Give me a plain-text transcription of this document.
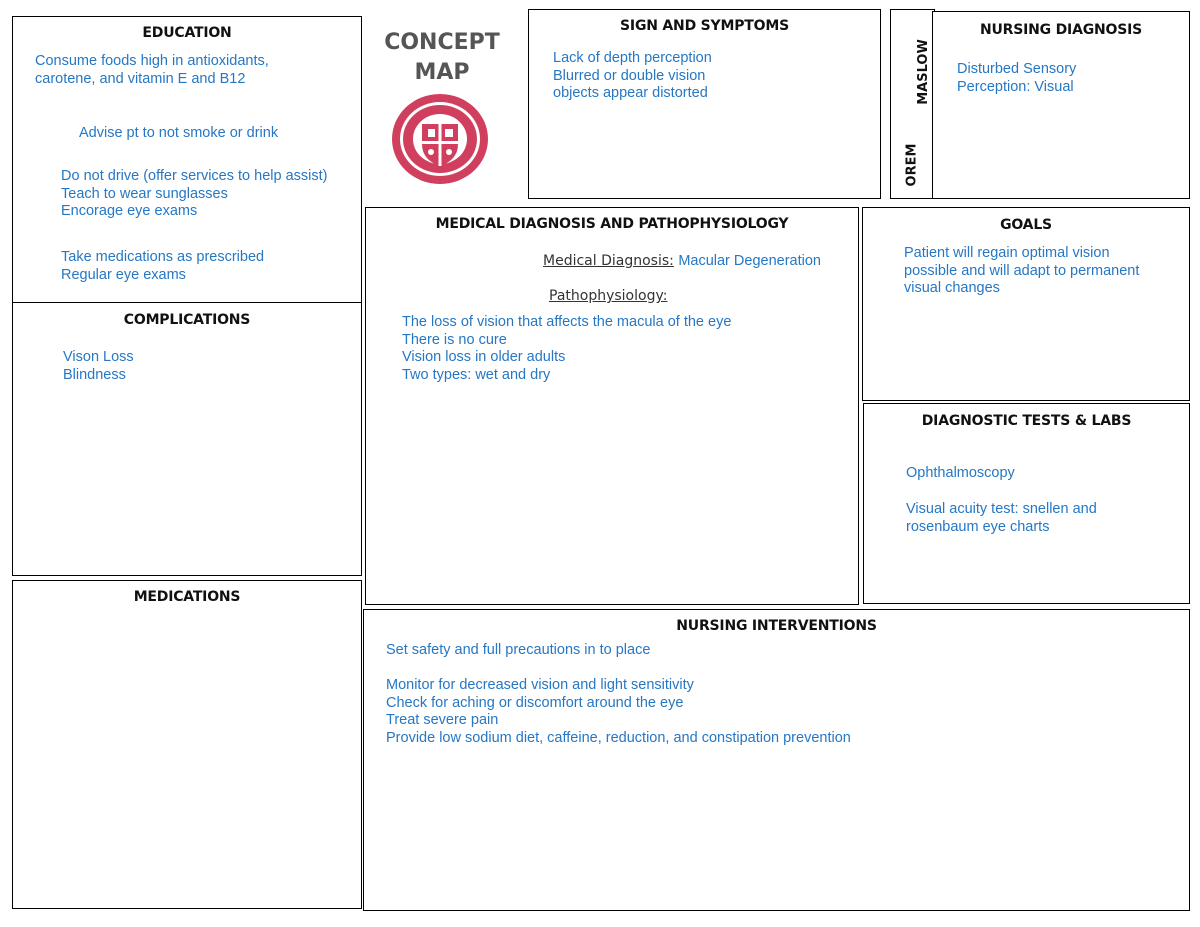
EDUCATION
Consume foods high in antioxidants,
carotene, and vitamin E and B12
Advise pt to not smoke or drink
Do not drive (offer services to help assist)
Teach to wear sunglasses
Encorage eye exams
Take medications as prescribed
Regular eye exams
COMPLICATIONS
Vison Loss
Blindness
MEDICATIONS
CONCEPT
MAP
SIGN AND SYMPTOMS
Lack of depth perception
Blurred or double vision
objects appear distorted	MASLOW
OREM
NURSING DIAGNOSIS
Disturbed Sensory
Perception: Visual
MEDICAL DIAGNOSIS AND PATHOPHYSIOLOGY
Medical Diagnosis: Macular Degeneration
Pathophysiology:
The loss of vision that affects the macula of the eye
There is no cure
Vision loss in older adults
Two types: wet and dry
GOALS
Patient will regain optimal vision
possible and will adapt to permanent
visual changes
DIAGNOSTIC TESTS & LABS
Ophthalmoscopy
Visual acuity test: snellen and
rosenbaum eye charts
NURSING INTERVENTIONS
Set safety and full precautions in to place
Monitor for decreased vision and light sensitivity
Check for aching or discomfort around the eye
Treat severe pain
Provide low sodium diet, caffeine, reduction, and constipation prevention
